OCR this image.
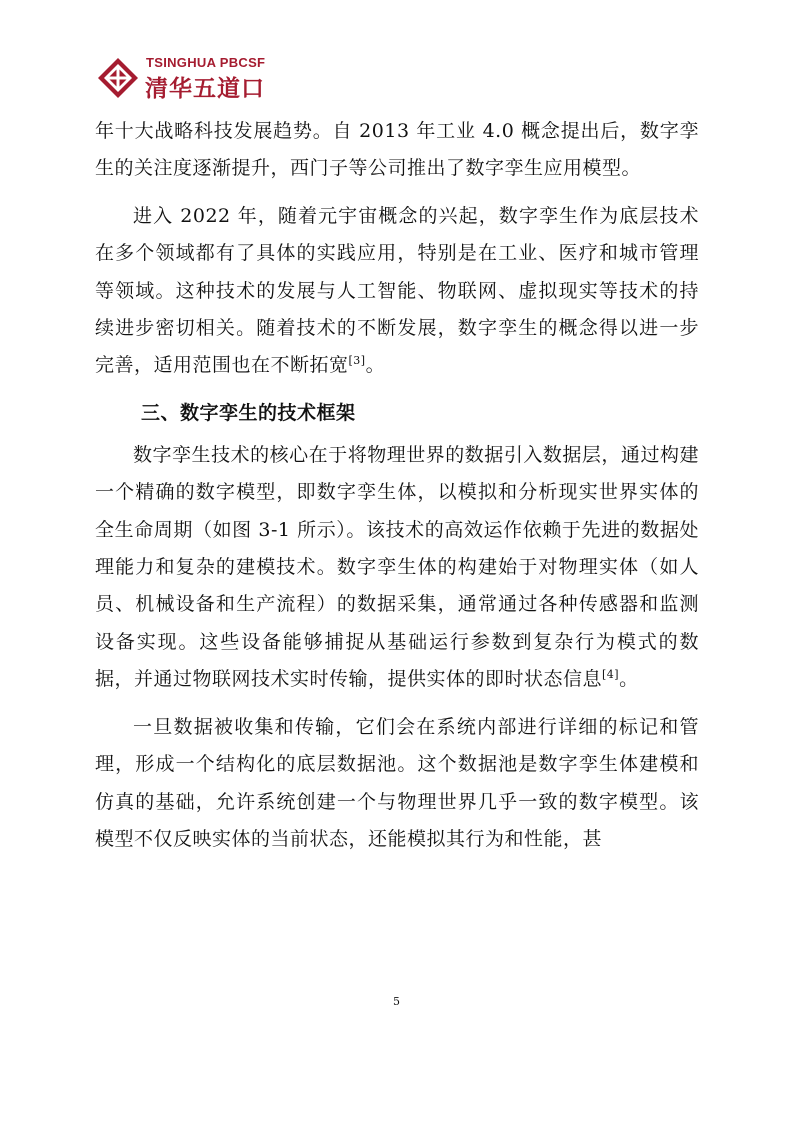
TSINGHUA PBCSF
清华五道口

年十大战略科技发展趋势。自 2013 年工业 4.0 概念提出后，数字孪生的关注度逐渐提升，西门子等公司推出了数字孪生应用模型。

进入 2022 年，随着元宇宙概念的兴起，数字孪生作为底层技术在多个领域都有了具体的实践应用，特别是在工业、医疗和城市管理等领域。这种技术的发展与人工智能、物联网、虚拟现实等技术的持续进步密切相关。随着技术的不断发展，数字孪生的概念得以进一步完善，适用范围也在不断拓宽[3]。

三、数字孪生的技术框架

数字孪生技术的核心在于将物理世界的数据引入数据层，通过构建一个精确的数字模型，即数字孪生体，以模拟和分析现实世界实体的全生命周期（如图 3-1 所示）。该技术的高效运作依赖于先进的数据处理能力和复杂的建模技术。数字孪生体的构建始于对物理实体（如人员、机械设备和生产流程）的数据采集，通常通过各种传感器和监测设备实现。这些设备能够捕捉从基础运行参数到复杂行为模式的数据，并通过物联网技术实时传输，提供实体的即时状态信息[4]。

一旦数据被收集和传输，它们会在系统内部进行详细的标记和管理，形成一个结构化的底层数据池。这个数据池是数字孪生体建模和仿真的基础，允许系统创建一个与物理世界几乎一致的数字模型。该模型不仅反映实体的当前状态，还能模拟其行为和性能，甚

5
